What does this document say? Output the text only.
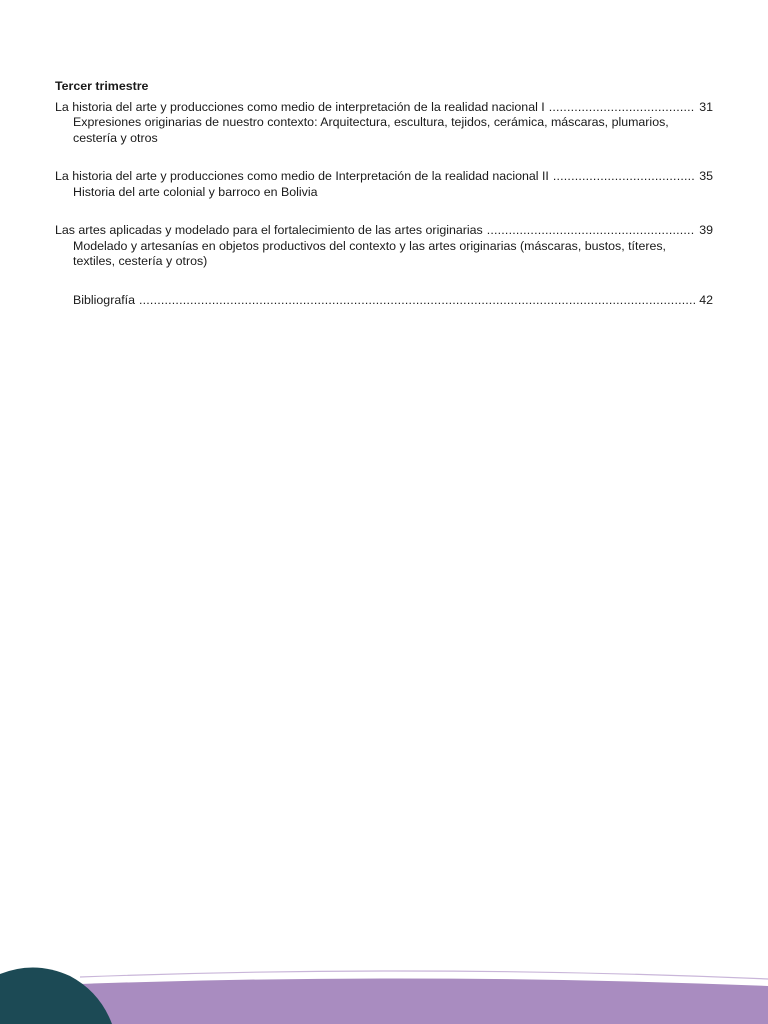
Tercer trimestre
La historia del arte y producciones como medio de interpretación de la realidad nacional I .....	31
Expresiones originarias de nuestro contexto: Arquitectura, escultura, tejidos, cerámica, máscaras, plumarios, cestería y otros
La historia del arte y producciones como medio de Interpretación de la realidad nacional II .....	35
Historia del arte colonial y barroco en Bolivia
Las artes aplicadas y modelado para el fortalecimiento de las artes originarias .....	39
Modelado y artesanías en objetos productivos del contexto y las artes originarias (máscaras, bustos, títeres, textiles, cestería y otros)
Bibliografía .....	42
